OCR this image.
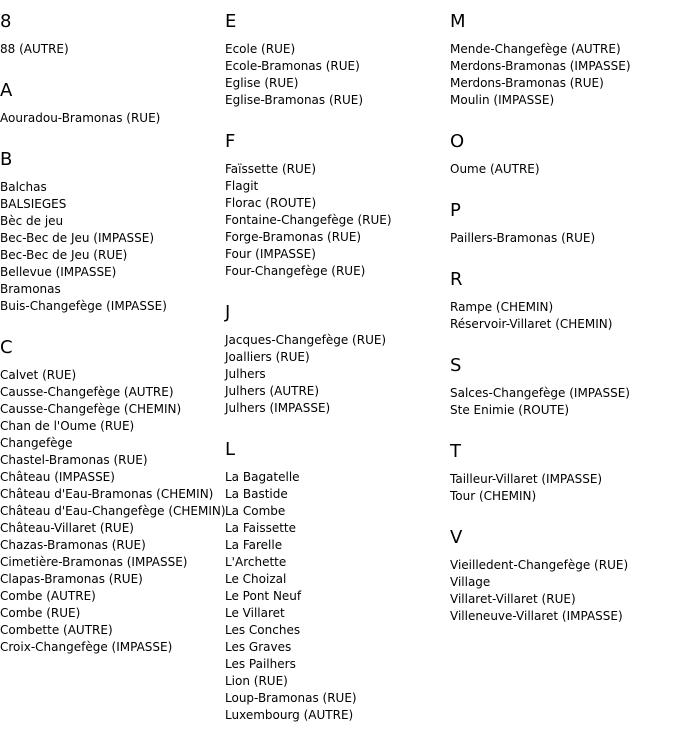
8
88 (AUTRE)
A
Aouradou-Bramonas (RUE)
B
Balchas
BALSIEGES
Bèc de jeu
Bec-Bec de Jeu (IMPASSE)
Bec-Bec de Jeu (RUE)
Bellevue (IMPASSE)
Bramonas
Buis-Changefège (IMPASSE)
C
Calvet (RUE)
Causse-Changefège (AUTRE)
Causse-Changefège (CHEMIN)
Chan de l'Oume (RUE)
Changefège
Chastel-Bramonas (RUE)
Château (IMPASSE)
Château d'Eau-Bramonas (CHEMIN)
Château d'Eau-Changefège (CHEMIN)
Château-Villaret (RUE)
Chazas-Bramonas (RUE)
Cimetière-Bramonas (IMPASSE)
Clapas-Bramonas (RUE)
Combe (AUTRE)
Combe (RUE)
Combette (AUTRE)
Croix-Changefège (IMPASSE)
E
Ecole (RUE)
Ecole-Bramonas (RUE)
Eglise (RUE)
Eglise-Bramonas (RUE)
F
Faïssette (RUE)
Flagit
Florac (ROUTE)
Fontaine-Changefège (RUE)
Forge-Bramonas (RUE)
Four (IMPASSE)
Four-Changefège (RUE)
J
Jacques-Changefège (RUE)
Joalliers (RUE)
Julhers
Julhers (AUTRE)
Julhers (IMPASSE)
L
La Bagatelle
La Bastide
La Combe
La Faissette
La Farelle
L'Archette
Le Choizal
Le Pont Neuf
Le Villaret
Les Conches
Les Graves
Les Pailhers
Lion (RUE)
Loup-Bramonas (RUE)
Luxembourg (AUTRE)
M
Mende-Changefège (AUTRE)
Merdons-Bramonas (IMPASSE)
Merdons-Bramonas (RUE)
Moulin (IMPASSE)
O
Oume (AUTRE)
P
Paillers-Bramonas (RUE)
R
Rampe (CHEMIN)
Réservoir-Villaret (CHEMIN)
S
Salces-Changefège (IMPASSE)
Ste Enimie (ROUTE)
T
Tailleur-Villaret (IMPASSE)
Tour (CHEMIN)
V
Vieilledent-Changefège (RUE)
Village
Villaret-Villaret (RUE)
Villeneuve-Villaret (IMPASSE)
